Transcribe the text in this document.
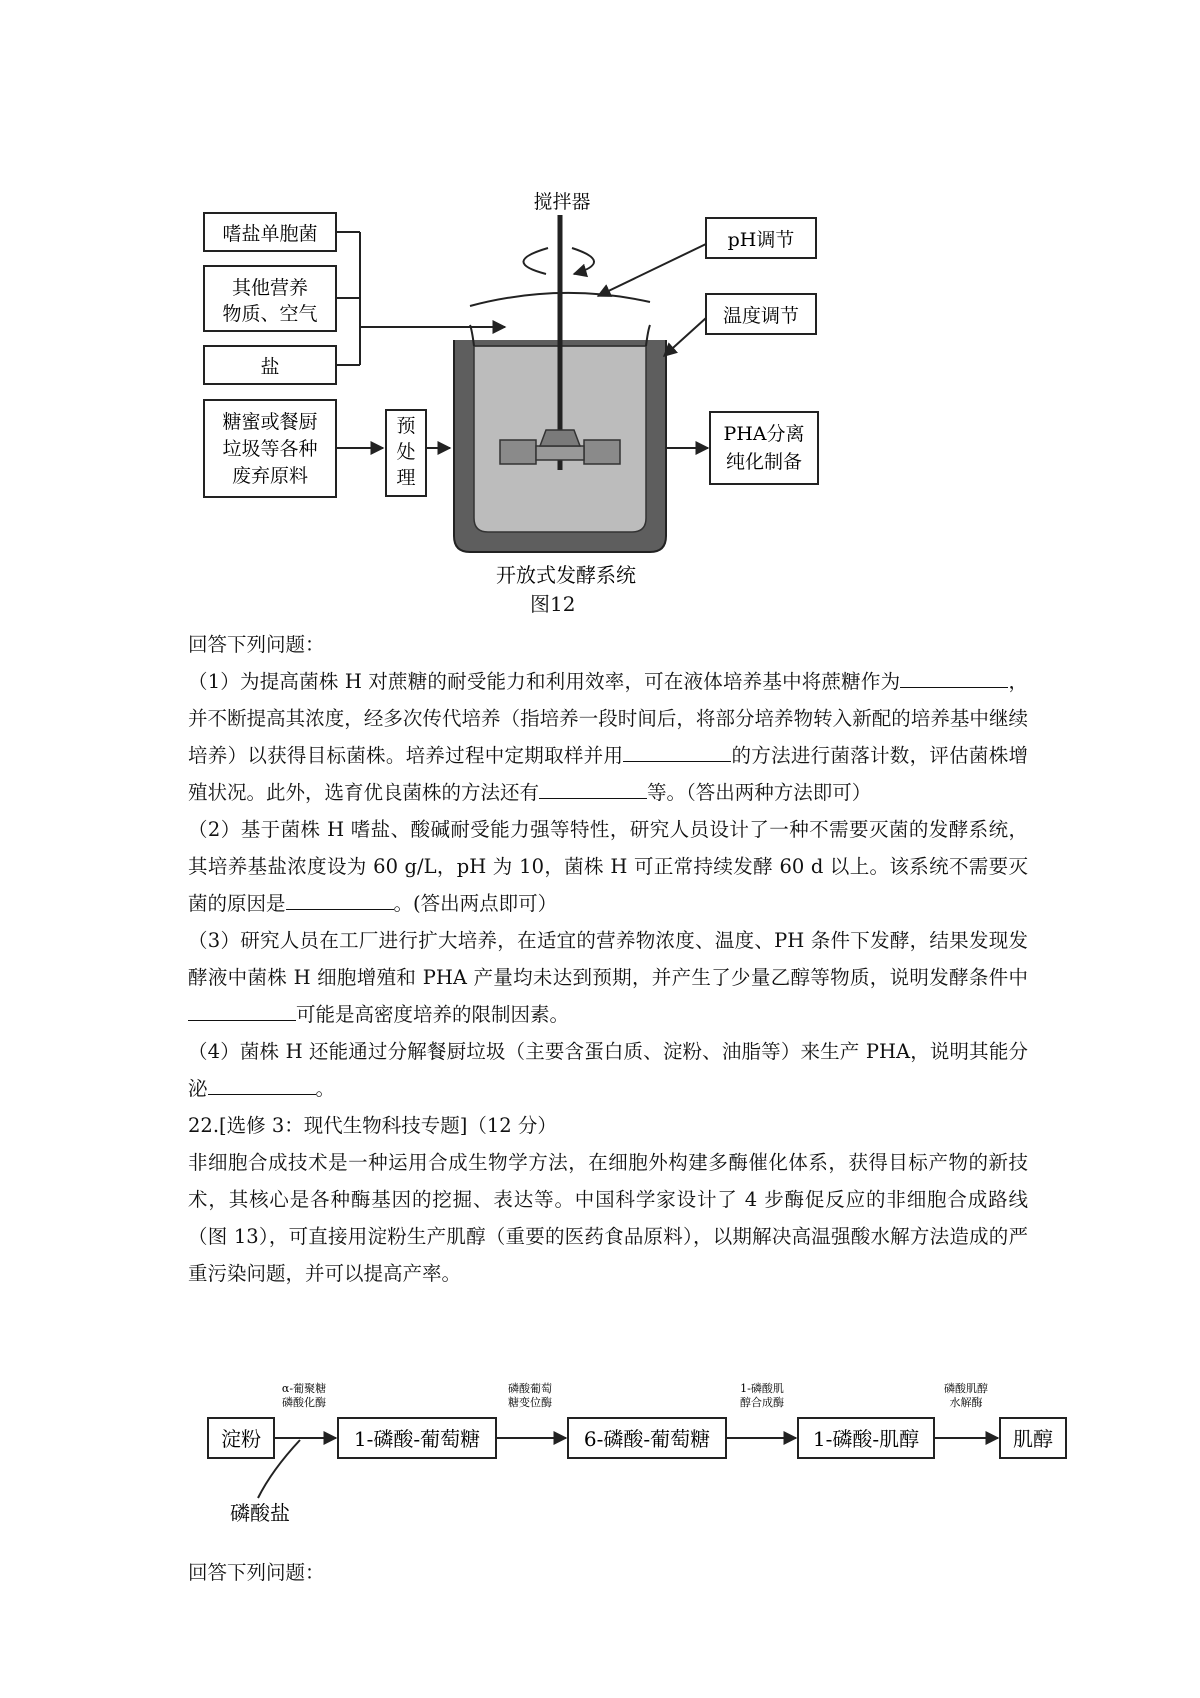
嗜盐单胞菌
其他营养
物质、空气
盐
糖蜜或餐厨
垃圾等各种
废弃原料
预
处
理
搅拌器
pH调节
温度调节
PHA分离
纯化制备
开放式发酵系统
图12

回答下列问题：

（1）为提高菌株 H 对蔗糖的耐受能力和利用效率，可在液体培养基中将蔗糖作为	，并不断提高其浓度，经多次传代培养（指培养一段时间后，将部分培养物转入新配的培养基中继续培养）以获得目标菌株。培养过程中定期取样并用	的方法进行菌落计数，评估菌株增殖状况。此外，选育优良菌株的方法还有	等。（答出两种方法即可）

（2）基于菌株 H 嗜盐、酸碱耐受能力强等特性，研究人员设计了一种不需要灭菌的发酵系统，其培养基盐浓度设为 60 g/L，pH 为 10，菌株 H 可正常持续发酵 60 d 以上。该系统不需要灭菌的原因是	。(答出两点即可）

（3）研究人员在工厂进行扩大培养，在适宜的营养物浓度、温度、PH 条件下发酵，结果发现发酵液中菌株 H 细胞增殖和 PHA 产量均未达到预期，并产生了少量乙醇等物质，说明发酵条件中可能是高密度培养的限制因素。

（4）菌株 H 还能通过分解餐厨垃圾（主要含蛋白质、淀粉、油脂等）来生产 PHA，说明其能分泌	。

22.[选修 3：现代生物科技专题]（12 分）

非细胞合成技术是一种运用合成生物学方法，在细胞外构建多酶催化体系，获得目标产物的新技术，其核心是各种酶基因的挖掘、表达等。中国科学家设计了 4 步酶促反应的非细胞合成路线（图 13），可直接用淀粉生产肌醇（重要的医药食品原料），以期解决高温强酸水解方法造成的严重污染问题，并可以提高产率。

淀粉	1-磷酸-葡萄糖	6-磷酸-葡萄糖	1-磷酸-肌醇	肌醇
α-葡聚糖
磷酸化酶
磷酸葡萄
糖变位酶
1-磷酸肌
醇合成酶
磷酸肌醇
水解酶
磷酸盐

回答下列问题：
